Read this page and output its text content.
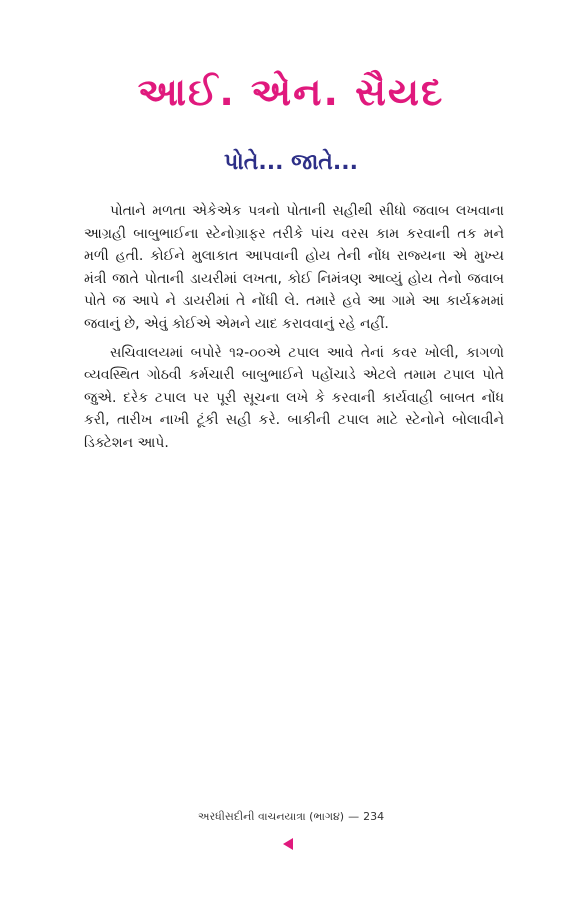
આઈ. એન. સૈયદ
પોતે... જાતે...

પોતાને મળતા એકેએક પત્રનો પોતાની સહીથી સીધો જવાબ લખવાના આગ્રહી બાબુભાઈના સ્ટેનોગ્રાફર તરીકે પાંચ વરસ કામ કરવાની તક મને મળી હતી. કોઈને મુલાકાત આપવાની હોય તેની નોંધ રાજ્યના એ મુખ્ય મંત્રી જાતે પોતાની ડાયરીમાં લખતા, કોઈ નિમંત્રણ આવ્યું હોય તેનો જવાબ પોતે જ આપે ને ડાયરીમાં તે નોંધી લે. તમારે હવે આ ગામે આ કાર્યક્રમમાં જવાનું છે, એવું કોઈએ એમને યાદ કરાવવાનું રહે નહીં.

સચિવાલયમાં બપોરે ૧૨-૦૦એ ટપાલ આવે તેનાં કવર ખોલી, કાગળો વ્યવસ્થિત ગોઠવી કર્મચારી બાબુભાઈને પહોંચાડે એટલે તમામ ટપાલ પોતે જુએ. દરેક ટપાલ પર પૂરી સૂચના લખે કે કરવાની કાર્યવાહી બાબત નોંધ કરી, તારીખ નાખી ટૂંકી સહી કરે. બાકીની ટપાલ માટે સ્ટેનોને બોલાવીને ડિક્ટેશન આપે.

અરધીસદીની વાચનયાત્રા (ભાગ૪) — 234
